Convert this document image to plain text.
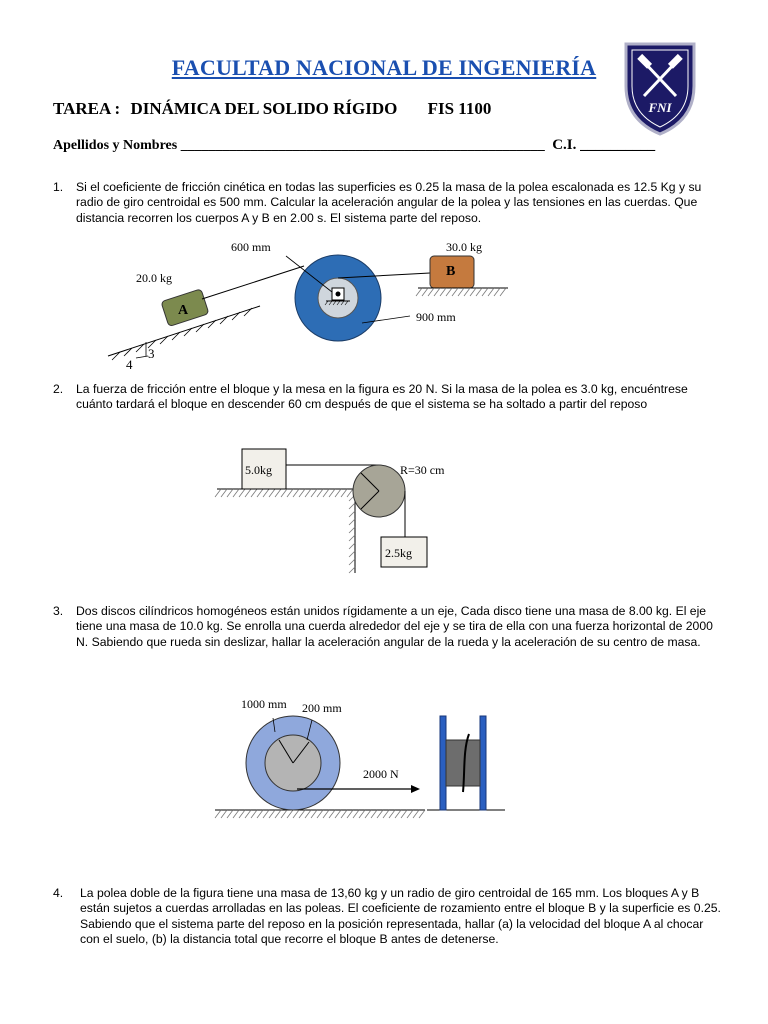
FACULTAD NACIONAL DE INGENIERÍA
FNI
TAREA : DINÁMICA DEL SOLIDO RÍGIDO FIS 1100
Apellidos y Nombres ____________________________________________________ C.I. __________
1. Si el coeficiente de fricción cinética en todas las superficies es 0.25 la masa de la polea escalonada es 12.5 Kg y su radio de giro centroidal es 500 mm. Calcular la aceleración angular de la polea y las tensiones en las cuerdas. Que distancia recorren los cuerpos A y B en 2.00 s. El sistema parte del reposo.
600 mm	30.0 kg
20.0 kg
A
B
900 mm
3
4
2. La fuerza de fricción entre el bloque y la mesa en la figura es 20 N. Si la masa de la polea es 3.0 kg, encuéntrese cuánto tardará el bloque en descender 60 cm después de que el sistema se ha soltado a partir del reposo
5.0kg	R=30 cm
2.5kg
3. Dos discos cilíndricos homogéneos están unidos rígidamente a un eje, Cada disco tiene una masa de 8.00 kg. El eje tiene una masa de 10.0 kg. Se enrolla una cuerda alrededor del eje y se tira de ella con una fuerza horizontal de 2000 N. Sabiendo que rueda sin deslizar, hallar la aceleración angular de la rueda y la aceleración de su centro de masa.
1000 mm 200 mm
2000 N
4. La polea doble de la figura tiene una masa de 13,60 kg y un radio de giro centroidal de 165 mm. Los bloques A y B están sujetos a cuerdas arrolladas en las poleas. El coeficiente de rozamiento entre el bloque B y la superficie es 0.25. Sabiendo que el sistema parte del reposo en la posición representada, hallar (a) la velocidad del bloque A al chocar con el suelo, (b) la distancia total que recorre el bloque B antes de detenerse.
